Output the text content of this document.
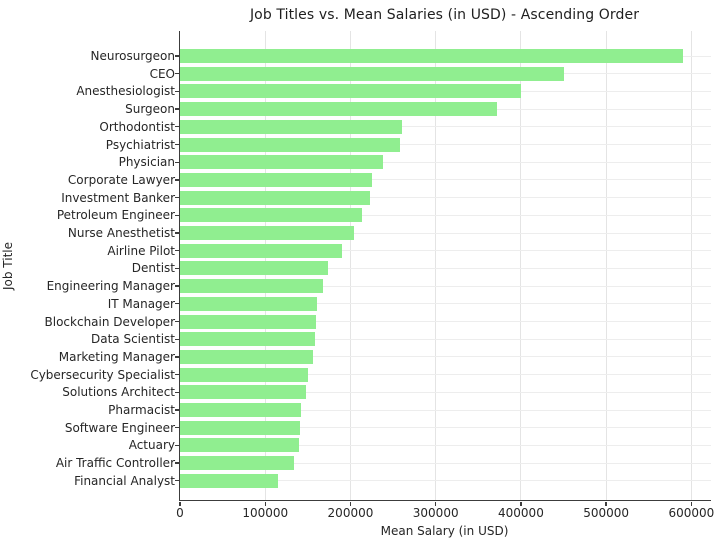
Job Titles vs. Mean Salaries (in USD) - Ascending Order
Job Title
0	100000	200000	300000	400000	500000	600000
Neurosurgeon
CEO
Anesthesiologist
Surgeon
Orthodontist
Psychiatrist
Physician
Corporate Lawyer
Investment Banker
Petroleum Engineer
Nurse Anesthetist
Airline Pilot
Dentist
Engineering Manager
IT Manager
Blockchain Developer
Data Scientist
Marketing Manager
Cybersecurity Specialist
Solutions Architect
Pharmacist
Software Engineer
Actuary
Air Traffic Controller
Financial Analyst
Mean Salary (in USD)
